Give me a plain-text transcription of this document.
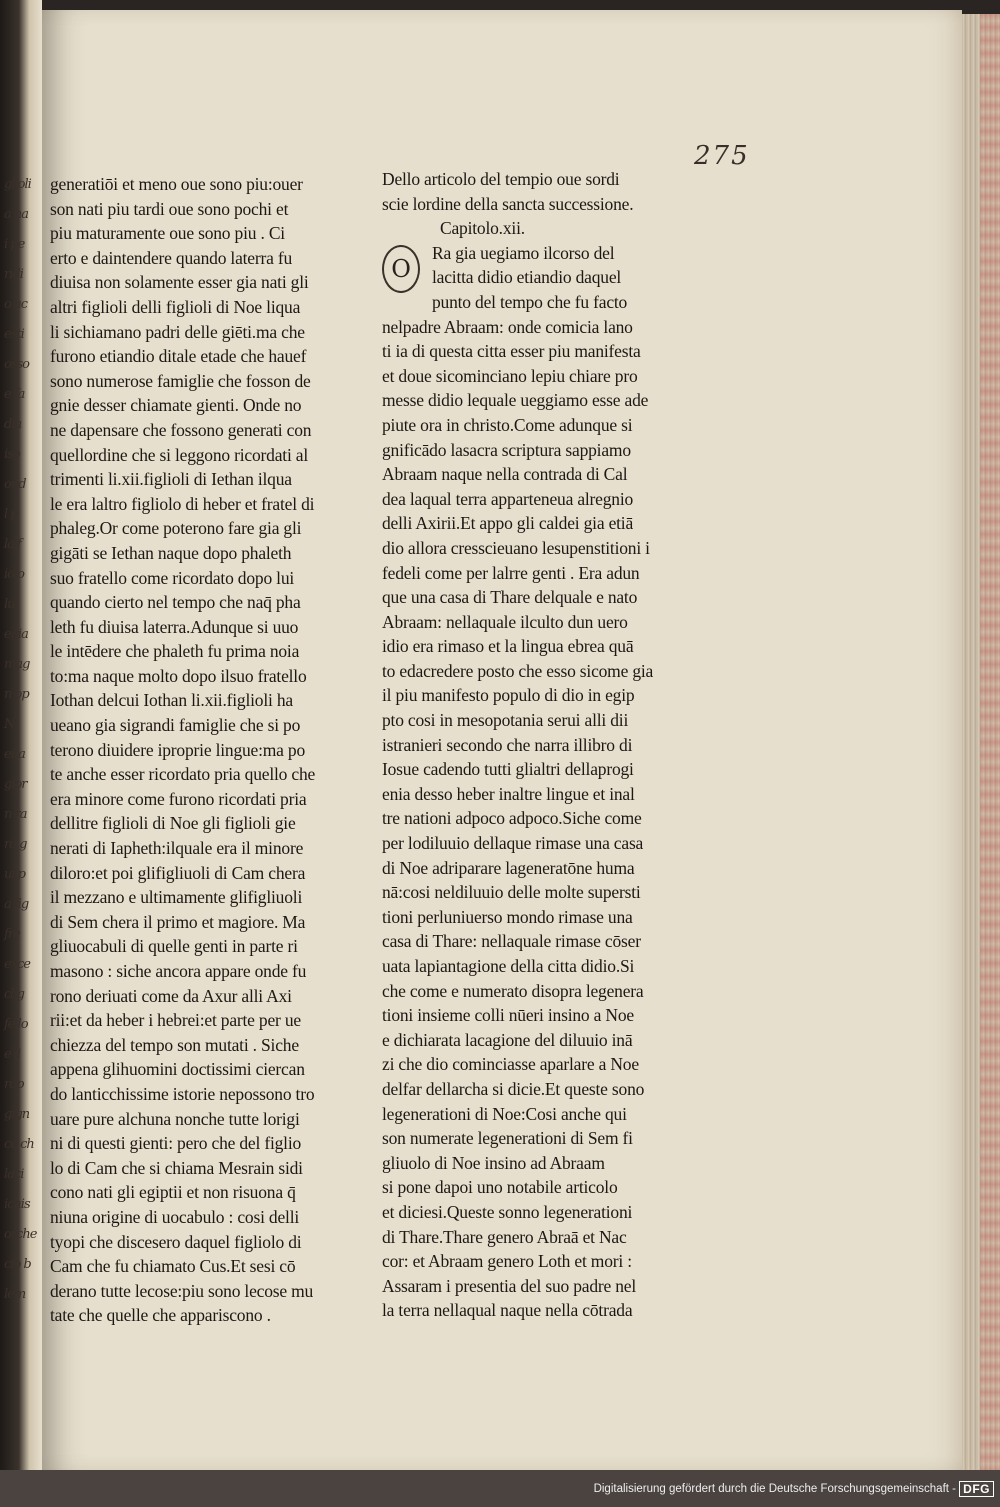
glioli
a na
i pe
ridi
o ac
esti
osso
e fa
dia
iso
ond
l p
la f
iolo
lui
egia
mag
n op
N
eita
gior
n ra
ra g
ui p
a fig
fre
exce
clig
fe lo
e li
rop
gign
ce ch
laci
ichis
orche
cio b
lem
275
generatiōi et meno oue sono piu:ouer
son nati piu tardi oue sono pochi et
piu maturamente oue sono piu . Ci
erto e daintendere quando laterra fu
diuisa non solamente esser gia nati gli
altri figlioli delli figlioli di Noe liqua
li sichiamano padri delle giēti.ma che
furono etiandio ditale etade che hauef
sono numerose famiglie che fosson de
gnie desser chiamate gienti. Onde no
ne dapensare che fossono generati con
quellordine che si leggono ricordati al
trimenti li.xii.figlioli di Iethan ilqua
le era laltro figliolo di heber et fratel di
phaleg.Or come poterono fare gia gli
gigāti se Iethan naque dopo phaleth
suo fratello come ricordato dopo lui
quando cierto nel tempo che naq̄ pha
leth fu diuisa laterra.Adunque si uuo
le intēdere che phaleth fu prima noia
to:ma naque molto dopo ilsuo fratello
Iothan delcui Iothan li.xii.figlioli ha
ueano gia sigrandi famiglie che si po
terono diuidere iproprie lingue:ma po
te anche esser ricordato pria quello che
era minore come furono ricordati pria
dellitre figlioli di Noe gli figlioli gie
nerati di Iapheth:ilquale era il minore
diloro:et poi glifigliuoli di Cam chera
il mezzano e ultimamente glifigliuoli
di Sem chera il primo et magiore. Ma
gliuocabuli di quelle genti in parte ri
masono : siche ancora appare onde fu
rono deriuati come da Axur alli Axi
rii:et da heber i hebrei:et parte per ue
chiezza del tempo son mutati . Siche
appena glihuomini doctissimi ciercan
do lanticchissime istorie nepossono tro
uare pure alchuna nonche tutte lorigi
ni di questi gienti: pero che del figlio
lo di Cam che si chiama Mesrain sidi
cono nati gli egiptii et non risuona q̄
niuna origine di uocabulo : cosi delli
tyopi che discesero daquel figliolo di
Cam che fu chiamato Cus.Et sesi cō
derano tutte lecose:piu sono lecose mu
tate che quelle che appariscono .
Dello articolo del tempio oue sordi
scie lordine della sancta successione.
Capitolo.xii.
O
Ra gia uegiamo ilcorso del
lacitta didio etiandio daquel
punto del tempo che fu facto
nelpadre Abraam: onde comicia lano
ti ia di questa citta esser piu manifesta
et doue sicominciano lepiu chiare pro
messe didio lequale ueggiamo esse ade
piute ora in christo.Come adunque si
gnificādo lasacra scriptura sappiamo
Abraam naque nella contrada di Cal
dea laqual terra apparteneua alregnio
delli Axirii.Et appo gli caldei gia etiā
dio allora cresscieuano lesupenstitioni i
fedeli come per lalrre genti . Era adun
que una casa di Thare delquale e nato
Abraam: nellaquale ilculto dun uero
idio era rimaso et la lingua ebrea quā
to edacredere posto che esso sicome gia
il piu manifesto populo di dio in egip
pto cosi in mesopotania serui alli dii
istranieri secondo che narra illibro di
Iosue cadendo tutti glialtri dellaprogi
enia desso heber inaltre lingue et inal
tre nationi adpoco adpoco.Siche come
per lodiluuio dellaque rimase una casa
di Noe adriparare lageneratōne huma
nā:cosi neldiluuio delle molte supersti
tioni perluniuerso mondo rimase una
casa di Thare: nellaquale rimase cōser
uata lapiantagione della citta didio.Si
che come e numerato disopra legenera
tioni insieme colli nūeri insino a Noe
e dichiarata lacagione del diluuio inā
zi che dio cominciasse aparlare a Noe
delfar dellarcha si dicie.Et queste sono
legenerationi di Noe:Cosi anche qui
son numerate legenerationi di Sem fi
gliuolo di Noe insino ad Abraam
si pone dapoi uno notabile articolo
et diciesi.Queste sonno legenerationi
di Thare.Thare genero Abraā et Nac
cor: et Abraam genero Loth et mori :
Assaram i presentia del suo padre nel
la terra nellaqual naque nella cōtrada
Digitalisierung gefördert durch die Deutsche Forschungsgemeinschaft - DFG
